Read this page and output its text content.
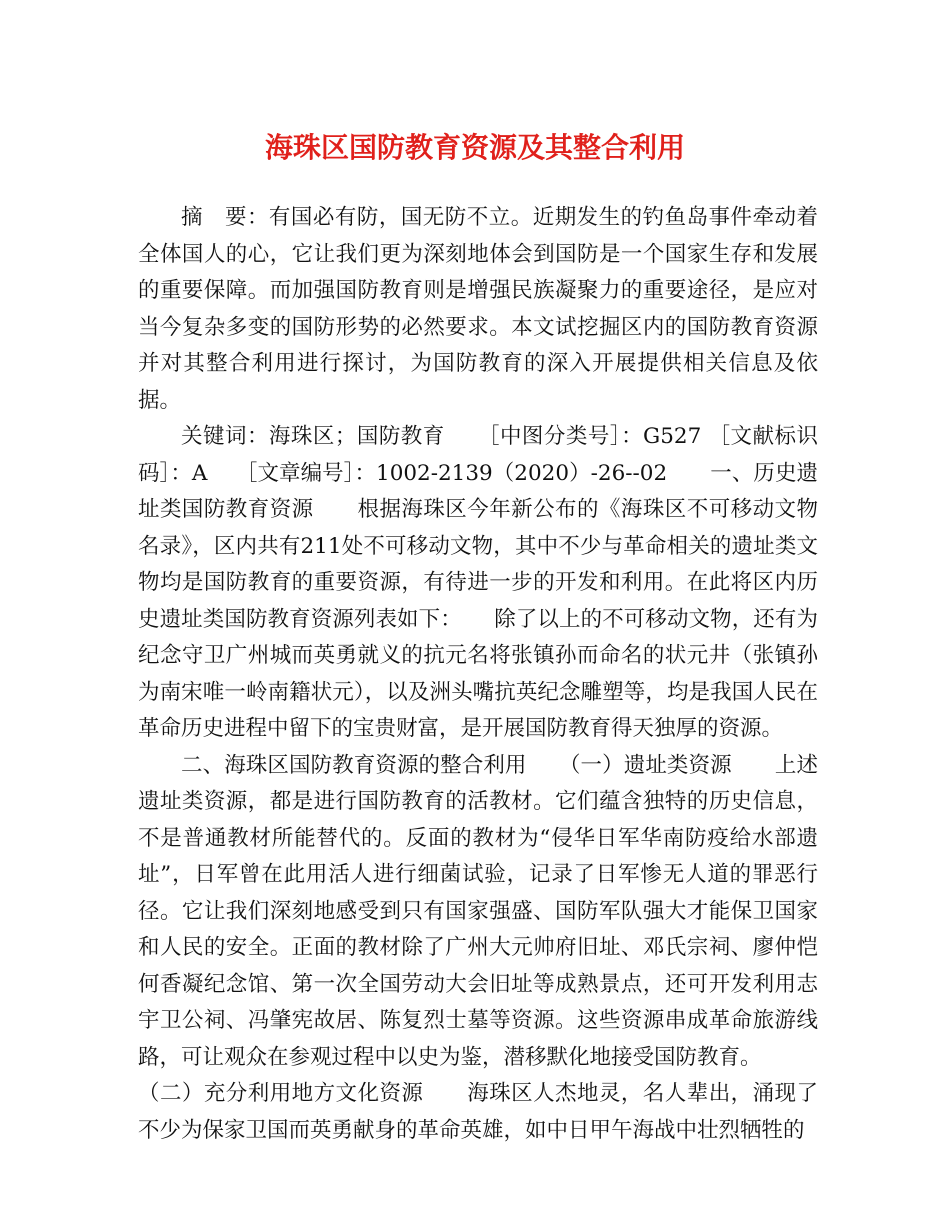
海珠区国防教育资源及其整合利用

摘　要：有国必有防，国无防不立。近期发生的钓鱼岛事件牵动着全体国人的心，它让我们更为深刻地体会到国防是一个国家生存和发展的重要保障。而加强国防教育则是增强民族凝聚力的重要途径，是应对当今复杂多变的国防形势的必然要求。本文试挖掘区内的国防教育资源并对其整合利用进行探讨，为国防教育的深入开展提供相关信息及依据。

关键词：海珠区；国防教育　　［中图分类号］：G527 ［文献标识码］：A　 ［文章编号］：1002-2139（2020）-26--02　　一、历史遗址类国防教育资源　　根据海珠区今年新公布的《海珠区不可移动文物名录》，区内共有211处不可移动文物，其中不少与革命相关的遗址类文物均是国防教育的重要资源，有待进一步的开发和利用。在此将区内历史遗址类国防教育资源列表如下：　　除了以上的不可移动文物，还有为纪念守卫广州城而英勇就义的抗元名将张镇孙而命名的状元井（张镇孙为南宋唯一岭南籍状元），以及洲头嘴抗英纪念雕塑等，均是我国人民在革命历史进程中留下的宝贵财富，是开展国防教育得天独厚的资源。

二、海珠区国防教育资源的整合利用　　（一）遗址类资源　　上述遗址类资源，都是进行国防教育的活教材。它们蕴含独特的历史信息，不是普通教材所能替代的。反面的教材为“侵华日军华南防疫给水部遗址”，日军曾在此用活人进行细菌试验，记录了日军惨无人道的罪恶行径。它让我们深刻地感受到只有国家强盛、国防军队强大才能保卫国家和人民的安全。正面的教材除了广州大元帅府旧址、邓氏宗祠、廖仲恺何香凝纪念馆、第一次全国劳动大会旧址等成熟景点，还可开发利用志宇卫公祠、冯肇宪故居、陈复烈士墓等资源。这些资源串成革命旅游线路，可让观众在参观过程中以史为鉴，潜移默化地接受国防教育。

（二）充分利用地方文化资源　　海珠区人杰地灵，名人辈出，涌现了不少为保家卫国而英勇献身的革命英雄，如中日甲午海战中壮烈牺牲的
